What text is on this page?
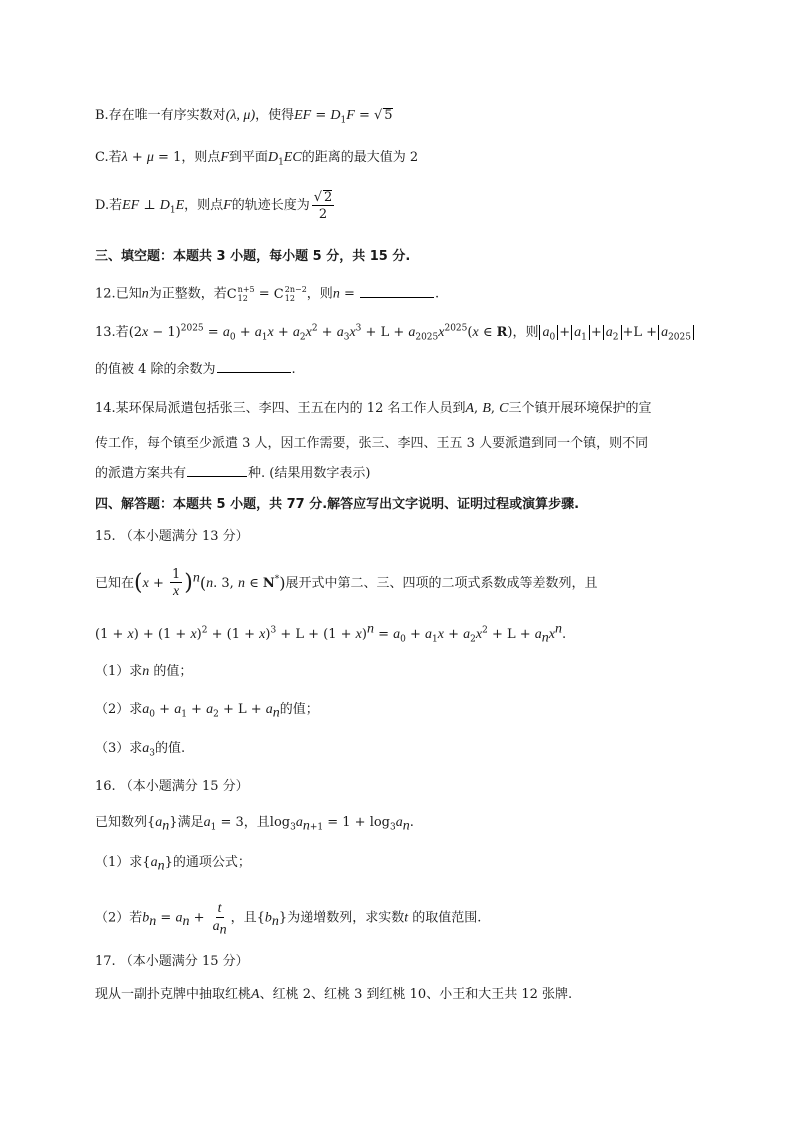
B.存在唯一有序实数对(λ, μ)，使得EF = $D_1F$ = √ 5
C.若λ + μ = 1，则点F到平面$D_1EC$的距离的最大值为 2
D.若EF ⊥ $D_1E$，则点F的轨迹长度为 $\frac{√ 2}{2}$
三、填空题：本题共 3 小题，每小题 5 分，共 15 分.
12.已知n为正整数，若C n+5
12 = C 2n−2
12 ，则n =	.
13.若$(2x - 1)^{2025} = a_0 + a_1x + a_2x^2 + a_3x^3 + L + a_{2025}x^{2025}(x$ ∈ R)，则 $a_0 + a_1 + a_2 +L + a_{2025}$
的值被 4 除的余数为	.
14.某环保局派遣包括张三、李四、王五在内的 12 名工作人员到A, B, C三个镇开展环境保护的宣
传工作，每个镇至少派遣 3 人，因工作需要，张三、李四、王五 3 人要派遣到同一个镇，则不同
的派遣方案共有	种. (结果用数字表示)
四、解答题：本题共 5 小题，共 77 分.解答应写出文字说明、证明过程或演算步骤.
15. （本小题满分 13 分）
已知在$(x + \frac{1}{x} )^n(n$. 3, n ∈ N*)展开式中第二、三、四项的二项式系数成等差数列，且
$(1 + x) + (1 + x)^2 + (1 + x)^3 + L + (1 + x)^n = a_0 + a_1x + a_2x^2 + L + a_nx^n$.
（1）求n 的值；
（2）求$a_0 + a_1 + a_2 + L + a_n$的值；
（3）求$a_3$的值.
16. （本小题满分 15 分）
已知数列$\{a_n\}$满足$a_1 = 3$，且$\log_3a_{n+1} = 1 + \log_3a_n$.
（1）求$\{a_n\}$的通项公式；
（2）若$b_n = a_n + \frac{t}{a_n}$ ，且$\{b_n\}$为递增数列，求实数t 的取值范围.
17. （本小题满分 15 分）
现从一副扑克牌中抽取红桃A、红桃 2、红桃 3 到红桃 10、小王和大王共 12 张牌.
